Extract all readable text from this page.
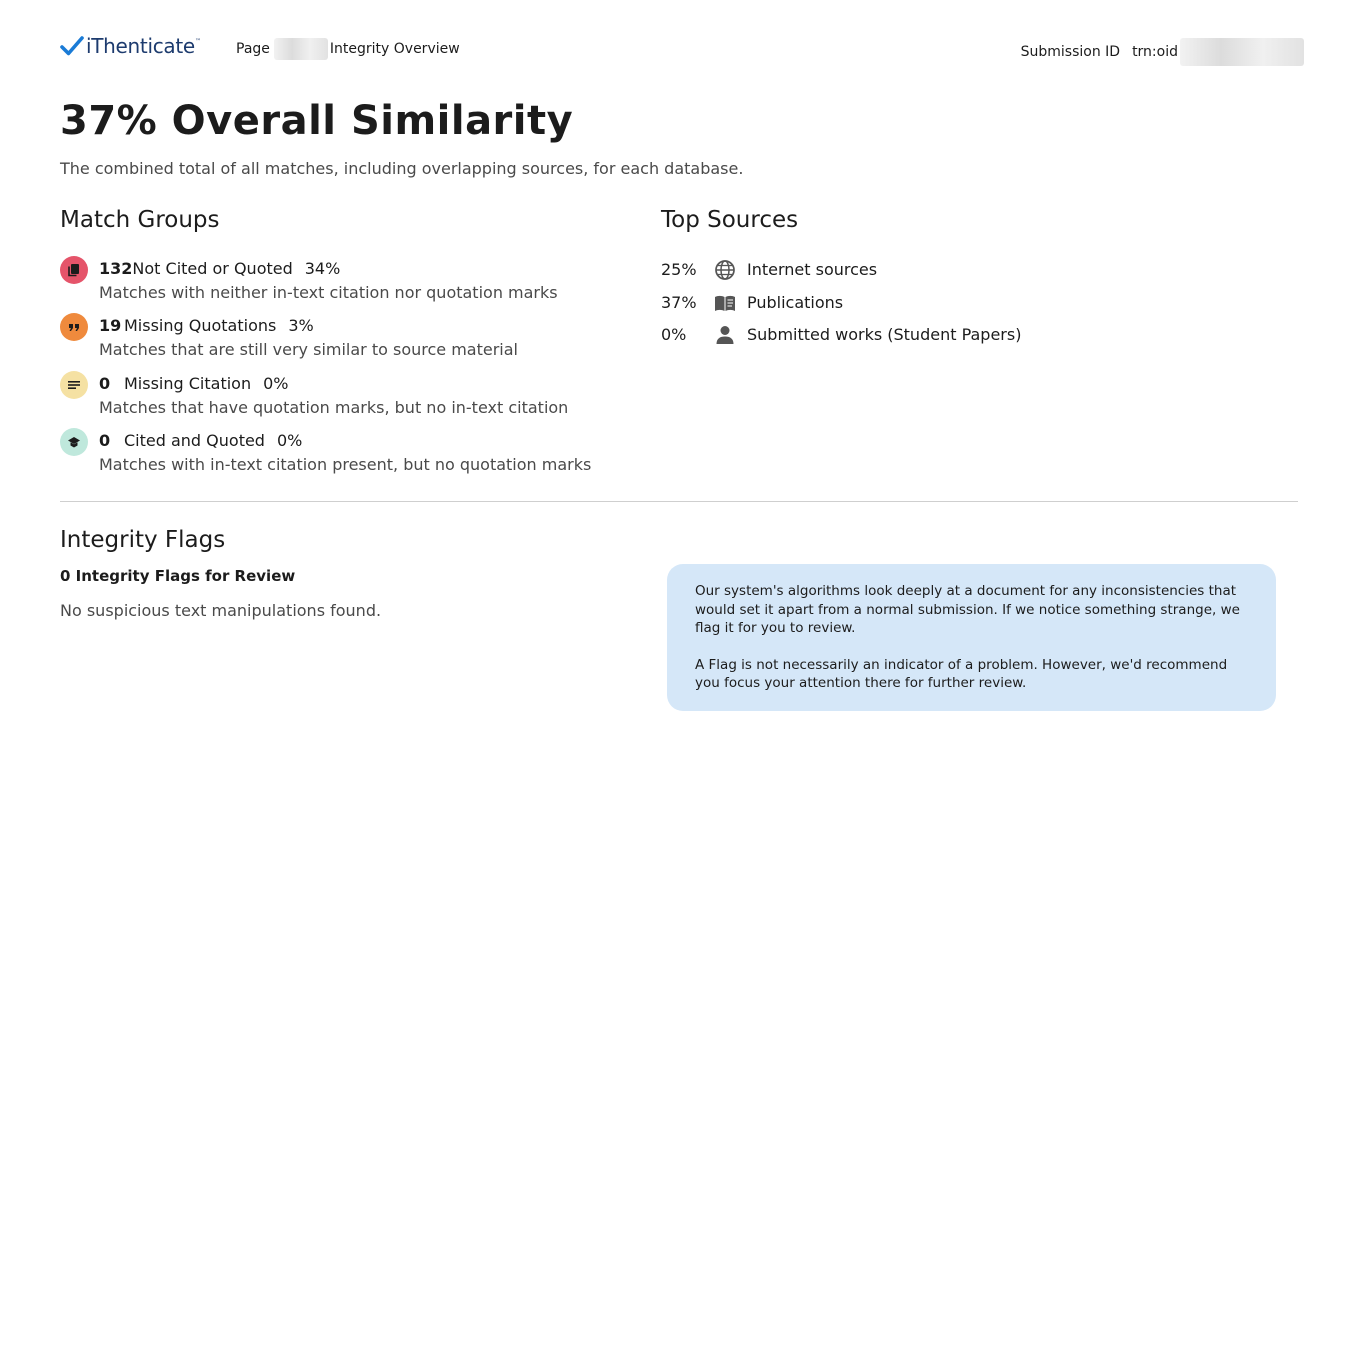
iThenticate ™	Page	Integrity Overview	Submission ID trn:oid
37% Overall Similarity

The combined total of all matches, including overlapping sources, for each database.

Match Groups
132 Not Cited or Quoted 34%
Matches with neither in-text citation nor quotation marks
19 Missing Quotations 3%
Matches that are still very similar to source material
0 Missing Citation 0%
Matches that have quotation marks, but no in-text citation
0 Cited and Quoted 0%
Matches with in-text citation present, but no quotation marks
Top Sources
25%	Internet sources
37%	Publications
0%	Submitted works (Student Papers)
Integrity Flags
0 Integrity Flags for Review
No suspicious text manipulations found.

Our system's algorithms look deeply at a document for any inconsistencies that would set it apart from a normal submission. If we notice something strange, we flag it for you to review.

A Flag is not necessarily an indicator of a problem. However, we'd recommend you focus your attention there for further review.
